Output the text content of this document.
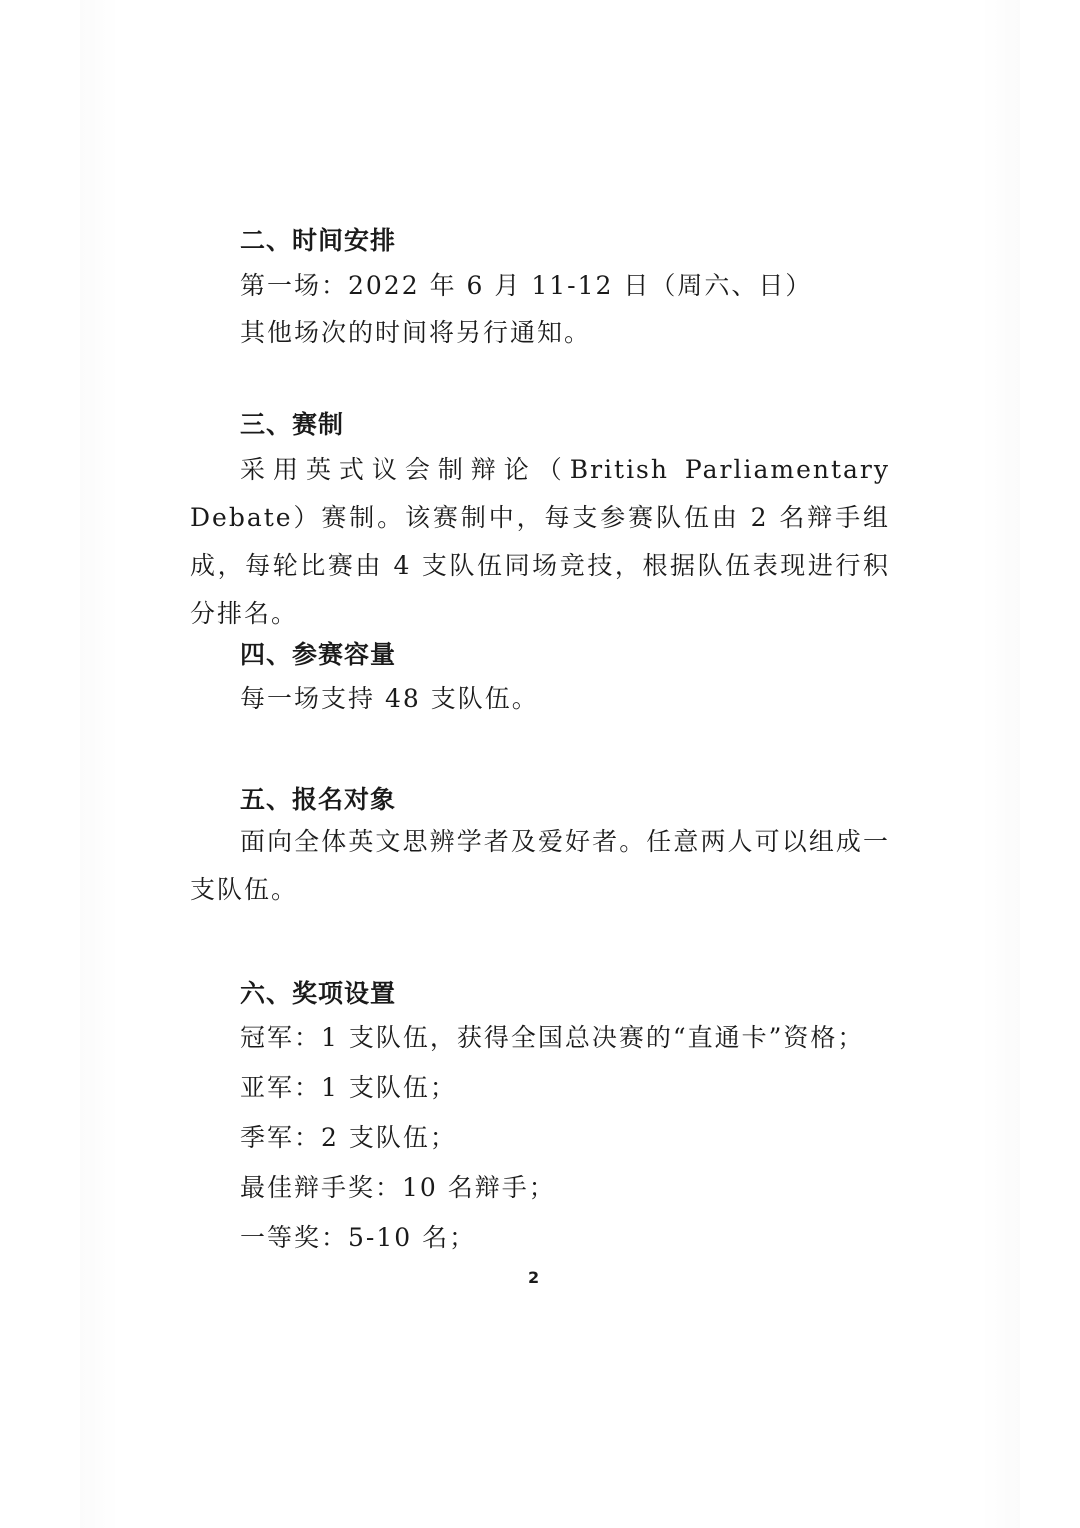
二、时间安排
第一场：2022 年 6 月 11-12 日（周六、日）
其他场次的时间将另行通知。
三、赛制

采用英式议会制辩论（British Parliamentary Debate）赛制。该赛制中，每支参赛队伍由 2 名辩手组成，每轮比赛由 4 支队伍同场竞技，根据队伍表现进行积分排名。

四、参赛容量
每一场支持 48 支队伍。
五、报名对象

面向全体英文思辨学者及爱好者。任意两人可以组成一支队伍。

六、奖项设置
冠军：1 支队伍，获得全国总决赛的“直通卡”资格；
亚军：1 支队伍；
季军：2 支队伍；
最佳辩手奖：10 名辩手；
一等奖：5-10 名；
2
